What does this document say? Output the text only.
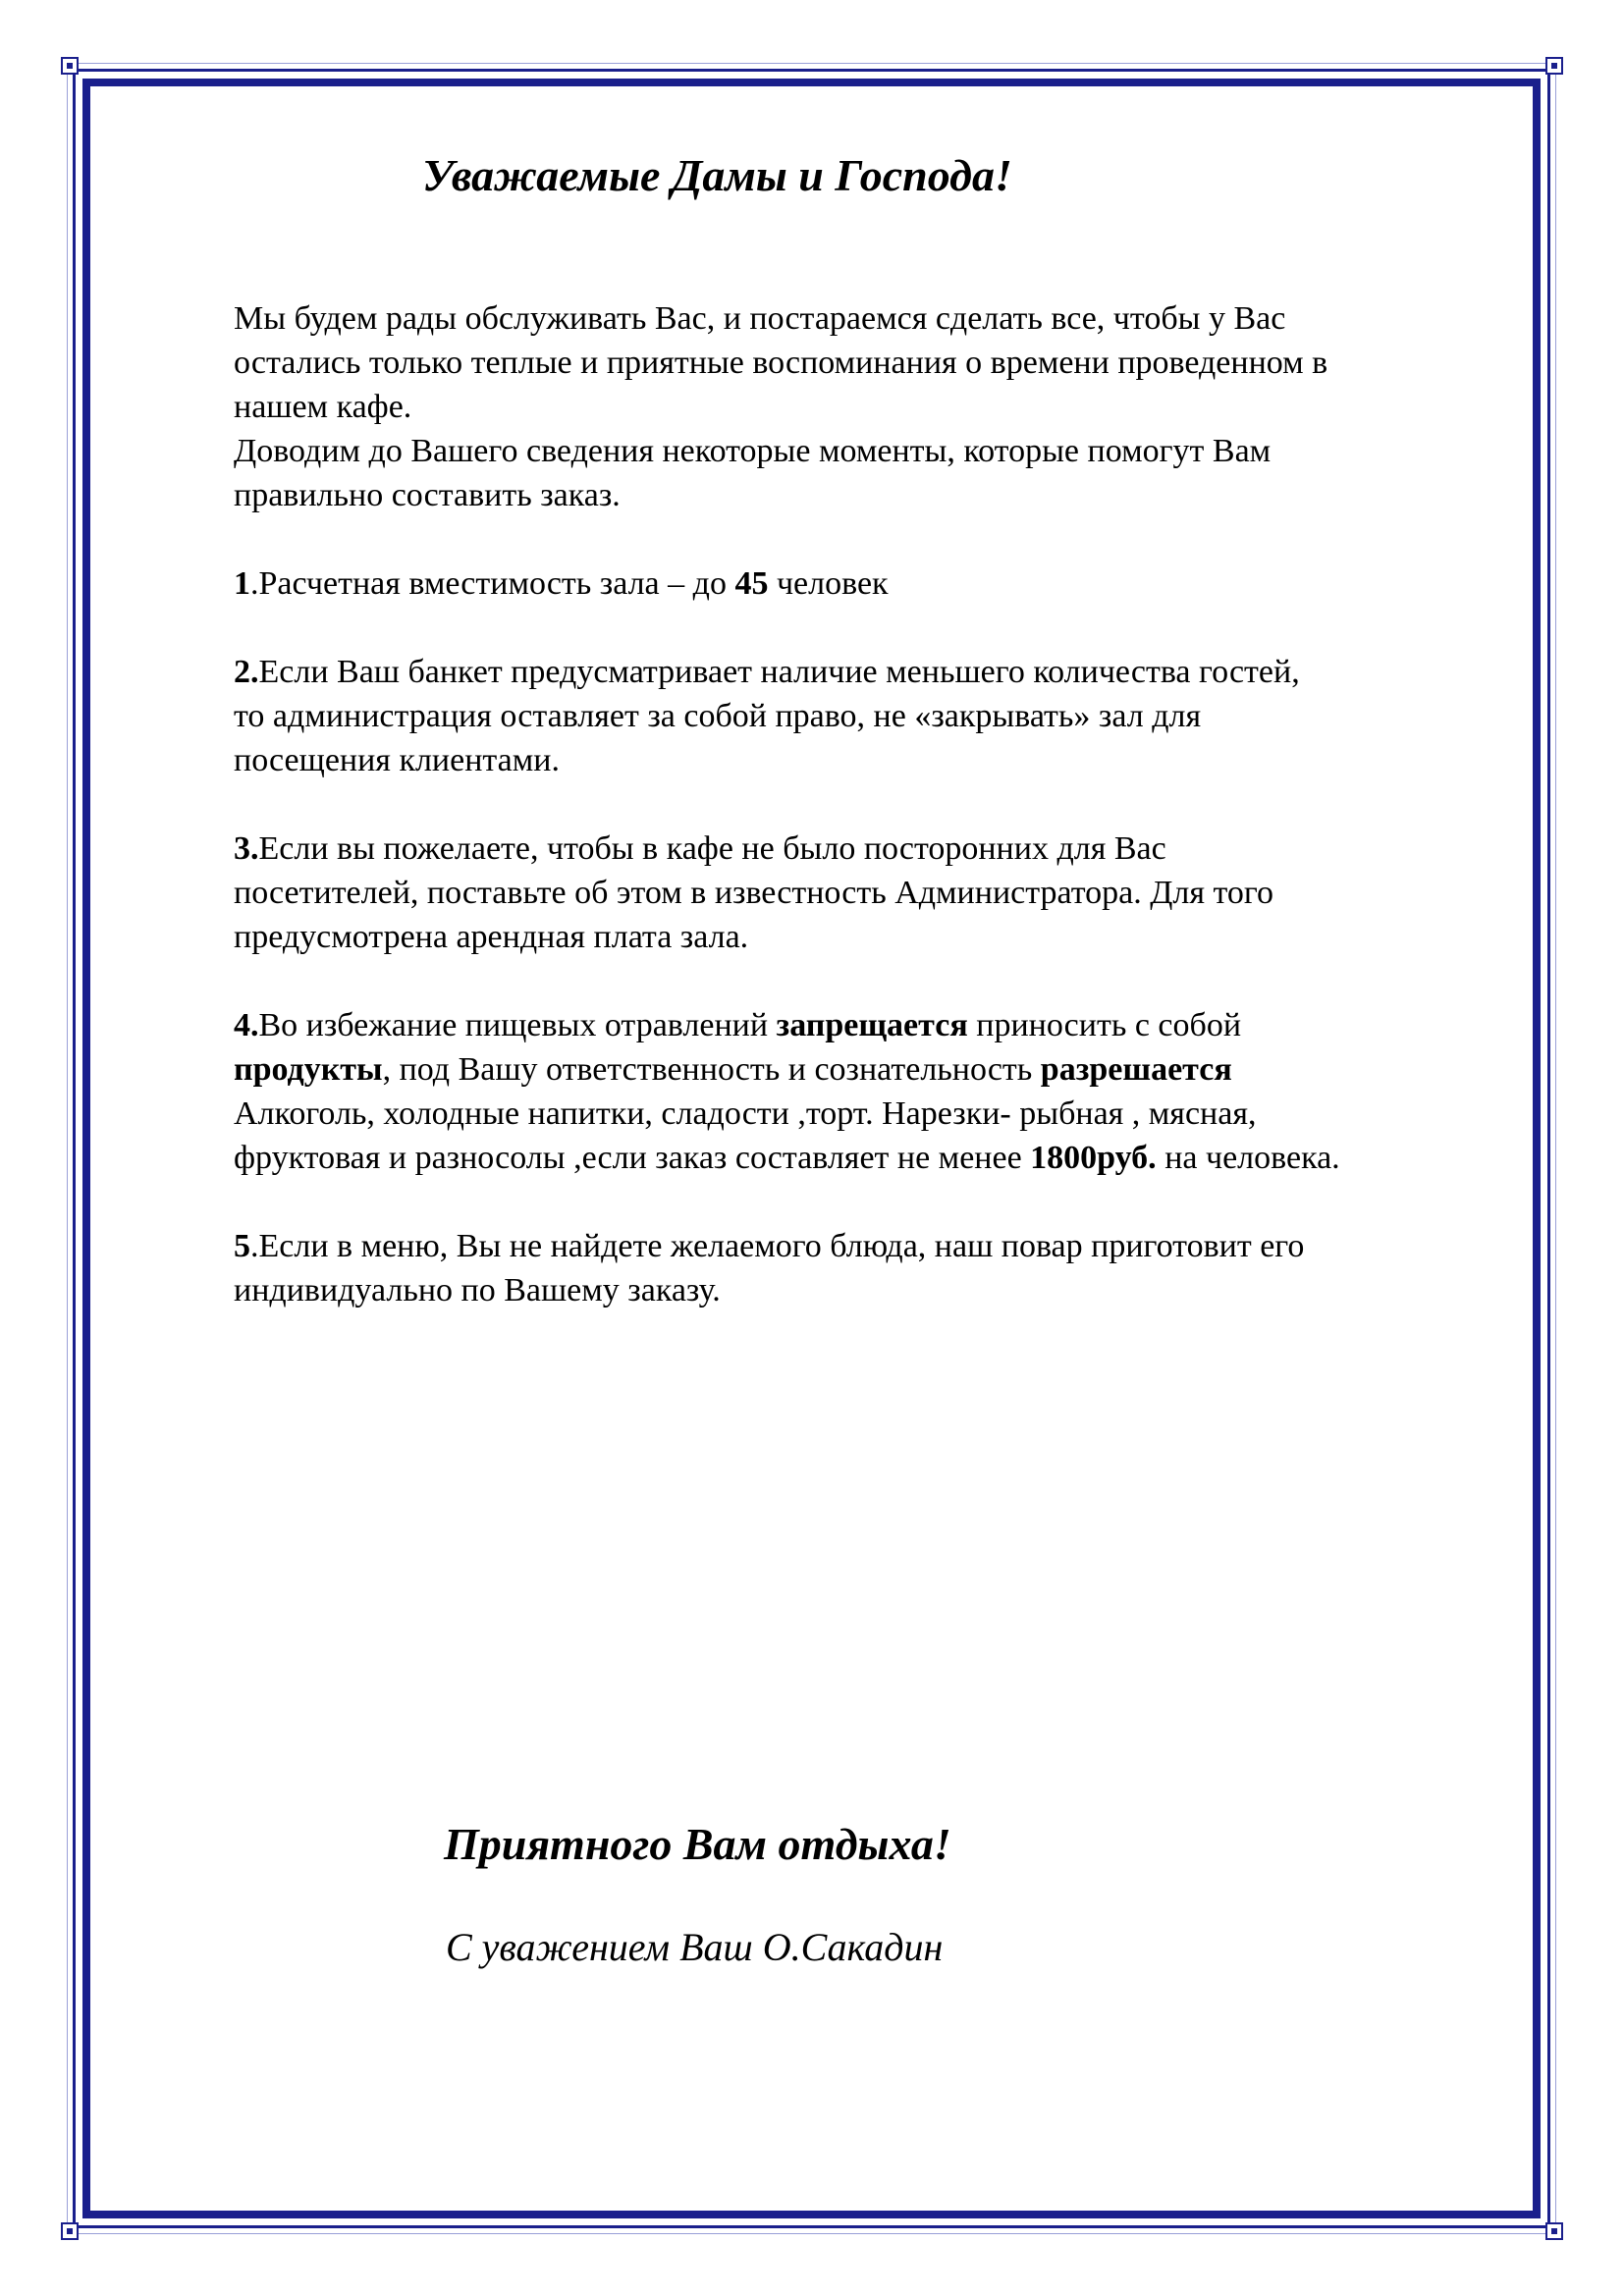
Уважаемые Дамы и Господа!

Мы будем рады обслуживать Вас, и постараемся сделать все, чтобы у Вас

остались только теплые и приятные воспоминания о времени проведенном в

нашем кафе.

Доводим до Вашего сведения некоторые моменты, которые помогут Вам

правильно составить заказ.

1.Расчетная вместимость зала – до 45 человек

2.Если Ваш банкет предусматривает наличие меньшего количества гостей,

то администрация оставляет за собой право, не «закрывать» зал для

посещения клиентами.

3.Если вы пожелаете, чтобы в кафе не было посторонних для Вас

посетителей, поставьте об этом в известность Администратора. Для того

предусмотрена арендная плата зала.

4.Во избежание пищевых отравлений запрещается приносить с собой

продукты, под Вашу ответственность и сознательность разрешается

Алкоголь, холодные напитки, сладости ,торт. Нарезки- рыбная , мясная,

фруктовая и разносолы ,если заказ составляет не менее 1800руб. на человека.

5.Если в меню, Вы не найдете желаемого блюда, наш повар приготовит его

индивидуально по Вашему заказу.

Приятного Вам отдыха!
С уважением Ваш О.Сакадин
